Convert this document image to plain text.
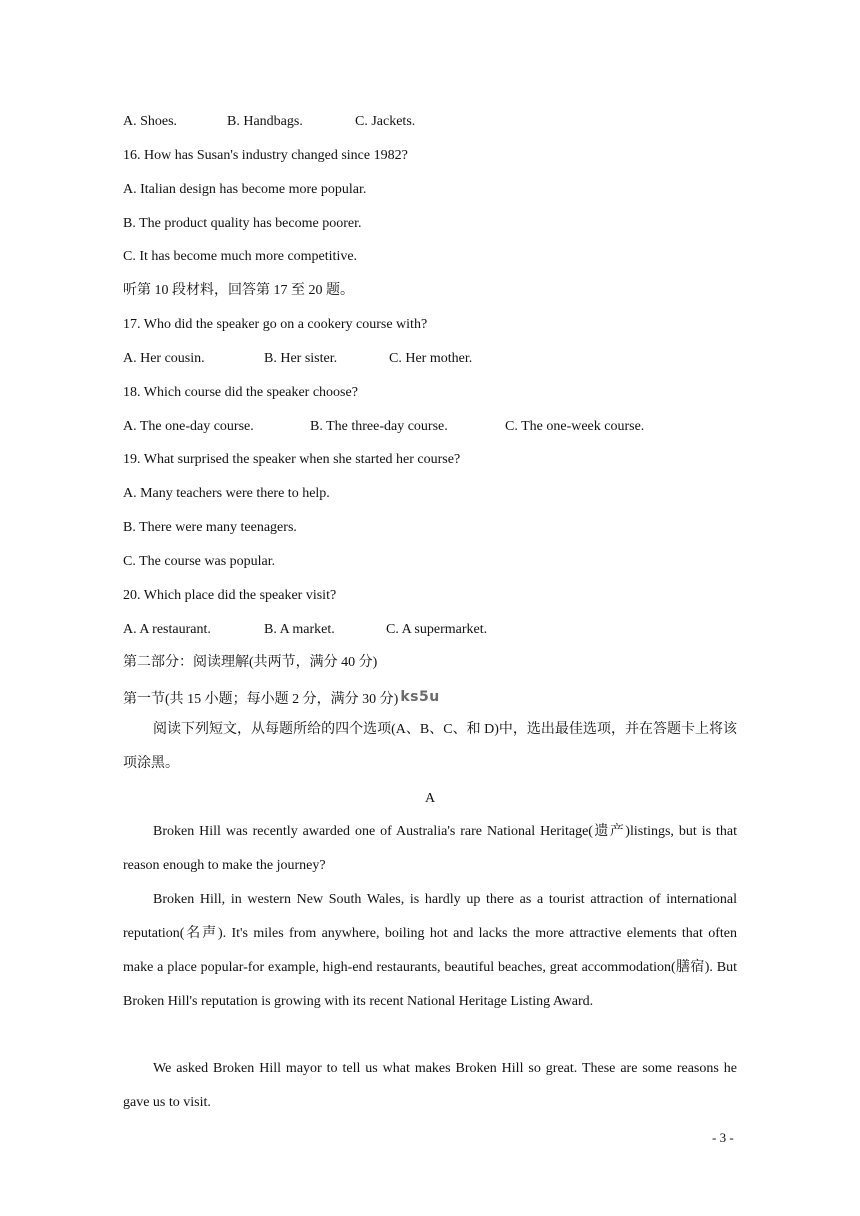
A. Shoes.	B. Handbags.	C. Jackets.
16. How has Susan's industry changed since 1982?
A. Italian design has become more popular.
B. The product quality has become poorer.
C. It has become much more competitive.
听第 10 段材料，回答第 17 至 20 题。
17. Who did the speaker go on a cookery course with?
A. Her cousin.	B. Her sister.	C. Her mother.
18. Which course did the speaker choose?
A. The one-day course.	B. The three-day course.	C. The one-week course.
19. What surprised the speaker when she started her course?
A. Many teachers were there to help.
B. There were many teenagers.
C. The course was popular.
20. Which place did the speaker visit?
A. A restaurant.	B. A market.	C. A supermarket.
第二部分：阅读理解(共两节，满分 40 分)
第一节(共 15 小题；每小题 2 分，满分 30 分) ks5u
阅读下列短文，从每题所给的四个选项(A、B、C、和 D)中，选出最佳选项，并在答题卡上将该项涂黑。
A
Broken Hill was recently awarded one of Australia's rare National Heritage(遗产)listings, but is that reason enough to make the journey?
Broken Hill, in western New South Wales, is hardly up there as a tourist attraction of international reputation(名声). It's miles from anywhere, boiling hot and lacks the more attractive elements that often make a place popular-for example, high-end restaurants, beautiful beaches, great accommodation(膳宿). But Broken Hill's reputation is growing with its recent National Heritage Listing Award.
We asked Broken Hill mayor to tell us what makes Broken Hill so great. These are some reasons he gave us to visit.
- 3 -
